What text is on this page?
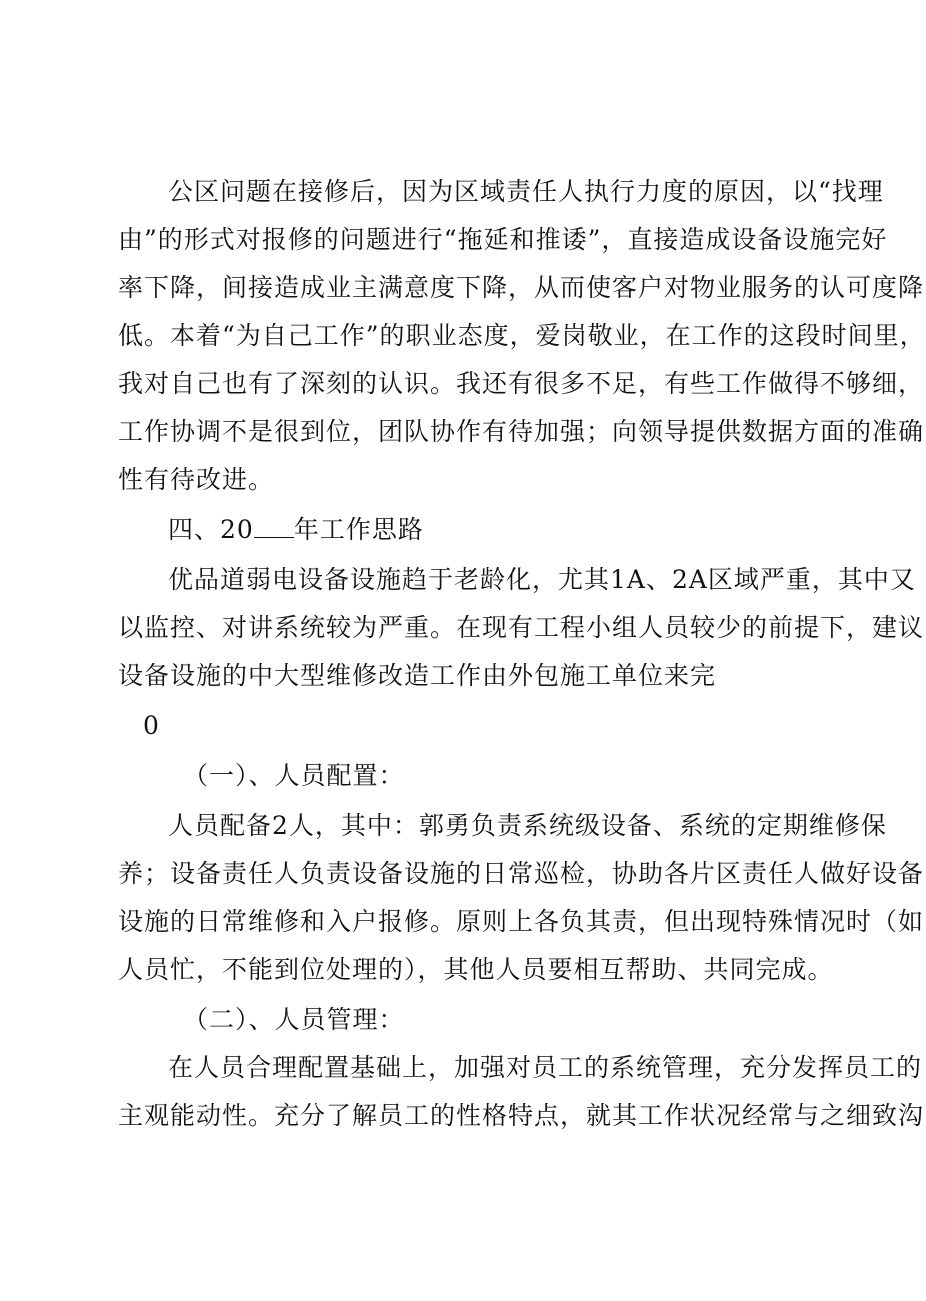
公区问题在接修后，因为区域责任人执行力度的原因，以“找理
由”的形式对报修的问题进行“拖延和推诿”，直接造成设备设施完好
率下降，间接造成业主满意度下降，从而使客户对物业服务的认可度降
低。本着“为自己工作”的职业态度，爱岗敬业，在工作的这段时间里，
我对自己也有了深刻的认识。我还有很多不足，有些工作做得不够细，
工作协调不是很到位，团队协作有待加强；向领导提供数据方面的准确
性有待改进。
四、20 年工作思路
优品道弱电设备设施趋于老龄化，尤其1A、2A区域严重，其中又
以监控、对讲系统较为严重。在现有工程小组人员较少的前提下，建议
设备设施的中大型维修改造工作由外包施工单位来完
0
（一）、人员配置：
人员配备2人，其中：郭勇负责系统级设备、系统的定期维修保
养；设备责任人负责设备设施的日常巡检，协助各片区责任人做好设备
设施的日常维修和入户报修。原则上各负其责，但出现特殊情况时（如
人员忙，不能到位处理的），其他人员要相互帮助、共同完成。
（二）、人员管理：
在人员合理配置基础上，加强对员工的系统管理，充分发挥员工的
主观能动性。充分了解员工的性格特点，就其工作状况经常与之细致沟
